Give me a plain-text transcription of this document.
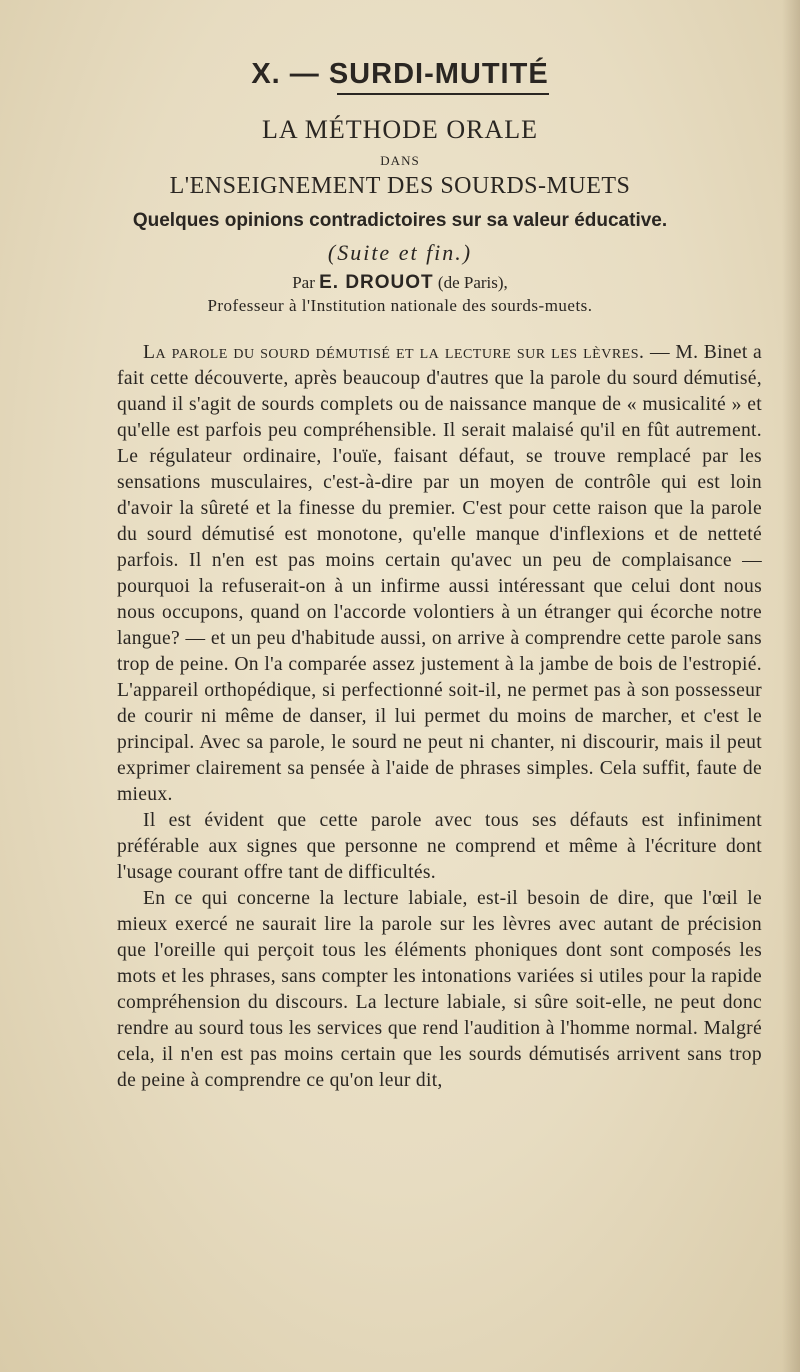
X. — SURDI-MUTITÉ
LA MÉTHODE ORALE
DANS
L'ENSEIGNEMENT DES SOURDS-MUETS
Quelques opinions contradictoires sur sa valeur éducative.
(Suite et fin.)
Par E. DROUOT (de Paris),
Professeur à l'Institution nationale des sourds-muets.

La parole du sourd démutisé et la lecture sur les lèvres. — M. Binet a fait cette découverte, après beaucoup d'autres que la parole du sourd démutisé, quand il s'agit de sourds complets ou de naissance manque de « musicalité » et qu'elle est parfois peu compréhensible. Il serait malaisé qu'il en fût autrement. Le régulateur ordinaire, l'ouïe, faisant défaut, se trouve remplacé par les sensations musculaires, c'est-à-dire par un moyen de contrôle qui est loin d'avoir la sûreté et la finesse du premier. C'est pour cette raison que la parole du sourd démutisé est monotone, qu'elle manque d'inflexions et de netteté parfois. Il n'en est pas moins certain qu'avec un peu de complaisance — pourquoi la refuserait-on à un infirme aussi intéressant que celui dont nous nous occupons, quand on l'accorde volontiers à un étranger qui écorche notre langue? — et un peu d'habitude aussi, on arrive à comprendre cette parole sans trop de peine. On l'a comparée assez justement à la jambe de bois de l'estropié. L'appareil orthopédique, si perfectionné soit-il, ne permet pas à son possesseur de courir ni même de danser, il lui permet du moins de marcher, et c'est le principal. Avec sa parole, le sourd ne peut ni chanter, ni discourir, mais il peut exprimer clairement sa pensée à l'aide de phrases simples. Cela suffit, faute de mieux.

Il est évident que cette parole avec tous ses défauts est infiniment préférable aux signes que personne ne comprend et même à l'écriture dont l'usage courant offre tant de difficultés.

En ce qui concerne la lecture labiale, est-il besoin de dire, que l'œil le mieux exercé ne saurait lire la parole sur les lèvres avec autant de précision que l'oreille qui perçoit tous les éléments phoniques dont sont composés les mots et les phrases, sans compter les intonations variées si utiles pour la rapide compréhension du discours. La lecture labiale, si sûre soit-elle, ne peut donc rendre au sourd tous les services que rend l'audition à l'homme normal. Malgré cela, il n'en est pas moins certain que les sourds démutisés arrivent sans trop de peine à comprendre ce qu'on leur dit,
